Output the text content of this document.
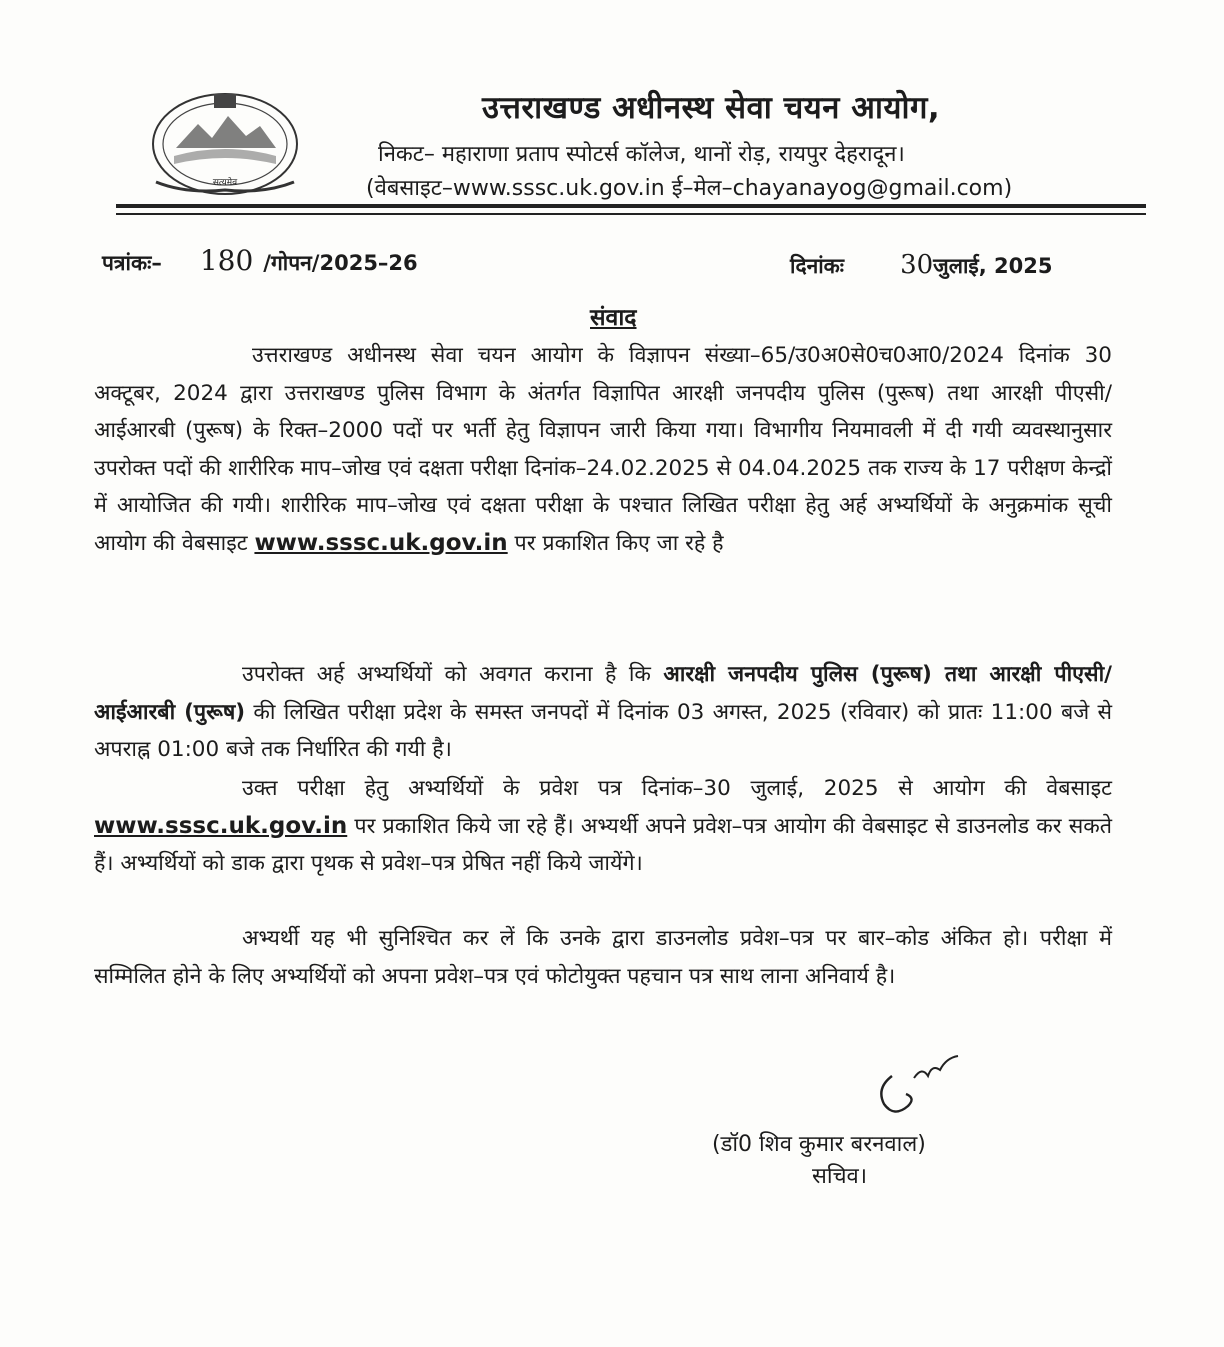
सत्यमेव
उत्तराखण्ड अधीनस्थ सेवा चयन आयोग,
निकट– महाराणा प्रताप स्पोटर्स कॉलेज, थानों रोड़, रायपुर देहरादून।
(वेबसाइट–www.sssc.uk.gov.in ई–मेल–chayanayog@gmail.com)
पत्रांकः– 180 /गोपन/2025–26	दिनांकः 30जुलाई, 2025
संवाद
उत्तराखण्ड अधीनस्थ सेवा चयन आयोग के विज्ञापन संख्या–65/उ0अ0से0च0आ0/2024 दिनांक 30 अक्टूबर, 2024 द्वारा उत्तराखण्ड पुलिस विभाग के अंतर्गत विज्ञापित आरक्षी जनपदीय पुलिस (पुरूष) तथा आरक्षी पीएसी/आईआरबी (पुरूष) के रिक्त–2000 पदों पर भर्ती हेतु विज्ञापन जारी किया गया। विभागीय नियमावली में दी गयी व्यवस्थानुसार उपरोक्त पदों की शारीरिक माप–जोख एवं दक्षता परीक्षा दिनांक–24.02.2025 से 04.04.2025 तक राज्य के 17 परीक्षण केन्द्रों में आयोजित की गयी। शारीरिक माप–जोख एवं दक्षता परीक्षा के पश्चात लिखित परीक्षा हेतु अर्ह अभ्यर्थियों के अनुक्रमांक सूची आयोग की वेबसाइट www.sssc.uk.gov.in पर प्रकाशित किए जा रहे है
उपरोक्त अर्ह अभ्यर्थियों को अवगत कराना है कि आरक्षी जनपदीय पुलिस (पुरूष) तथा आरक्षी पीएसी/आईआरबी (पुरूष) की लिखित परीक्षा प्रदेश के समस्त जनपदों में दिनांक 03 अगस्त, 2025 (रविवार) को प्रातः 11:00 बजे से अपराह्न 01:00 बजे तक निर्धारित की गयी है।
उक्त परीक्षा हेतु अभ्यर्थियों के प्रवेश पत्र दिनांक–30 जुलाई, 2025 से आयोग की वेबसाइट www.sssc.uk.gov.in पर प्रकाशित किये जा रहे हैं। अभ्यर्थी अपने प्रवेश–पत्र आयोग की वेबसाइट से डाउनलोड कर सकते हैं। अभ्यर्थियों को डाक द्वारा पृथक से प्रवेश–पत्र प्रेषित नहीं किये जायेंगे।
अभ्यर्थी यह भी सुनिश्चित कर लें कि उनके द्वारा डाउनलोड प्रवेश–पत्र पर बार–कोड अंकित हो। परीक्षा में सम्मिलित होने के लिए अभ्यर्थियों को अपना प्रवेश–पत्र एवं फोटोयुक्त पहचान पत्र साथ लाना अनिवार्य है।
(डॉ0 शिव कुमार बरनवाल)
सचिव।
